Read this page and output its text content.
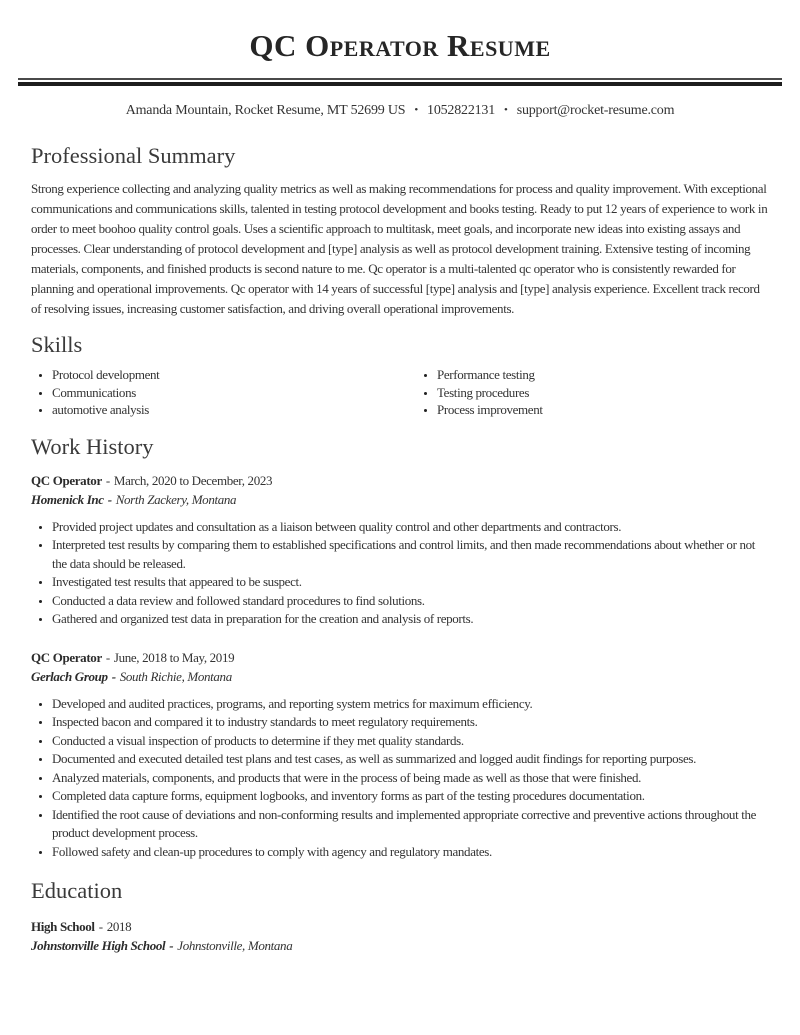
QC Operator Resume
Amanda Mountain, Rocket Resume, MT 52699 US • 1052822131 • support@rocket-resume.com
Professional Summary

Strong experience collecting and analyzing quality metrics as well as making recommendations for process and quality improvement. With exceptional communications and communications skills, talented in testing protocol development and books testing. Ready to put 12 years of experience to work in order to meet boohoo quality control goals. Uses a scientific approach to multitask, meet goals, and incorporate new ideas into existing assays and processes. Clear understanding of protocol development and [type] analysis as well as protocol development training. Extensive testing of incoming materials, components, and finished products is second nature to me. Qc operator is a multi-talented qc operator who is consistently rewarded for planning and operational improvements. Qc operator with 14 years of successful [type] analysis and [type] analysis experience. Excellent track record of resolving issues, increasing customer satisfaction, and driving overall operational improvements.

Skills
• Protocol development
• Communications
• automotive analysis
• Performance testing
• Testing procedures
• Process improvement
Work History
QC Operator - March, 2020 to December, 2023
Homenick Inc - North Zackery, Montana
• Provided project updates and consultation as a liaison between quality control and other departments and contractors.
• Interpreted test results by comparing them to established specifications and control limits, and then made recommendations about whether or not the data should be released.
• Investigated test results that appeared to be suspect.
• Conducted a data review and followed standard procedures to find solutions.
• Gathered and organized test data in preparation for the creation and analysis of reports.
QC Operator - June, 2018 to May, 2019
Gerlach Group - South Richie, Montana
• Developed and audited practices, programs, and reporting system metrics for maximum efficiency.
• Inspected bacon and compared it to industry standards to meet regulatory requirements.
• Conducted a visual inspection of products to determine if they met quality standards.
• Documented and executed detailed test plans and test cases, as well as summarized and logged audit findings for reporting purposes.
• Analyzed materials, components, and products that were in the process of being made as well as those that were finished.
• Completed data capture forms, equipment logbooks, and inventory forms as part of the testing procedures documentation.
• Identified the root cause of deviations and non-conforming results and implemented appropriate corrective and preventive actions throughout the product development process.
• Followed safety and clean-up procedures to comply with agency and regulatory mandates.
Education
High School - 2018
Johnstonville High School - Johnstonville, Montana
